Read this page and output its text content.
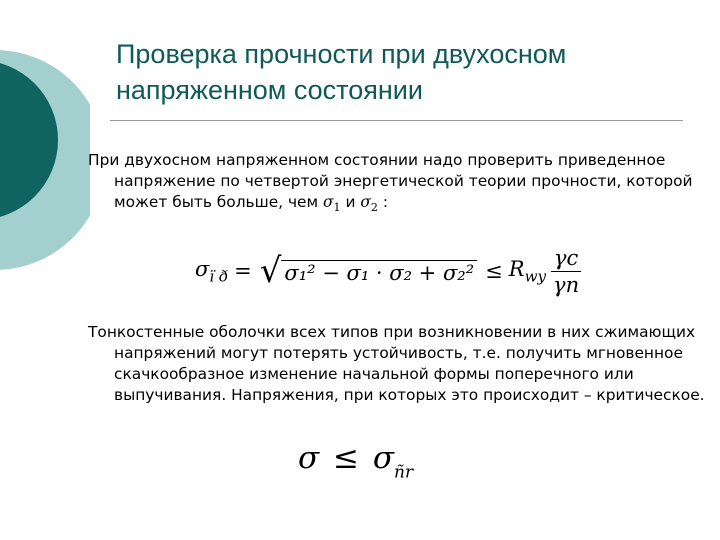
Проверка прочности при двухосном напряженном состоянии

При двухосном напряженном состоянии надо проверить приведенное напряжение по четвертой энергетической теории прочности, которой может быть больше, чем $\sigma_1$ и $\sigma_2$ :

$\sigma_{ï ð}$ = √ $\sigma_1^2 - \sigma_1 \cdot \sigma_2 + \sigma_2^2 \le R_{wy} \frac{\gamma c}{\gamma n}$

Тонкостенные оболочки всех типов при возникновении в них сжимающих напряжений могут потерять устойчивость, т.е. получить мгновенное скачкообразное изменение начальной формы поперечного или выпучивания. Напряжения, при которых это происходит – критическое.

$\sigma \le \sigma_{ñr}$
